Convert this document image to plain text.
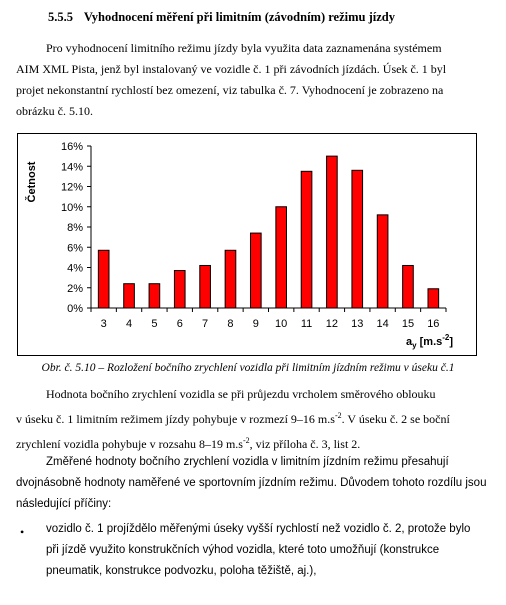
5.5.5 Vyhodnocení měření při limitním (závodním) režimu jízdy
Pro vyhodnocení limitního režimu jízdy byla využita data zaznamenána systémem
AIM XML Pista, jenž byl instalovaný ve vozidle č. 1 při závodních jízdách. Úsek č. 1 byl
projet nekonstantní rychlostí bez omezení, viz tabulka č. 7. Vyhodnocení je zobrazeno na
obrázku č. 5.10.
0%
2%
4%
6%
8%
10%
12%
14%
16%
3 4 5 6 7 8 9 10 11 12 13 14 15 16
Četnost
$a_y$ $[m.s^{-2}]$
Obr. č. 5.10 – Rozložení bočního zrychlení vozidla při limitním jízdním režimu v úseku č.1
Hodnota bočního zrychlení vozidla se při průjezdu vrcholem směrového oblouku
v úseku č. 1 limitním režimem jízdy pohybuje v rozmezí 9–16 $m.s^{-2}$. V úseku č. 2 se boční
zrychlení vozidla pohybuje v rozsahu 8–19 $m.s^{-2}$, viz příloha č. 3, list 2.
Změřené hodnoty bočního zrychlení vozidla v limitním jízdním režimu přesahují
dvojnásobně hodnoty naměřené ve sportovním jízdním režimu. Důvodem tohoto rozdílu jsou
následující příčiny:
• vozidlo č. 1 projíždělo měřenými úseky vyšší rychlostí než vozidlo č. 2, protože bylo
při jízdě využito konstrukčních výhod vozidla, které toto umožňují (konstrukce
pneumatik, konstrukce podvozku, poloha těžiště, aj.),
